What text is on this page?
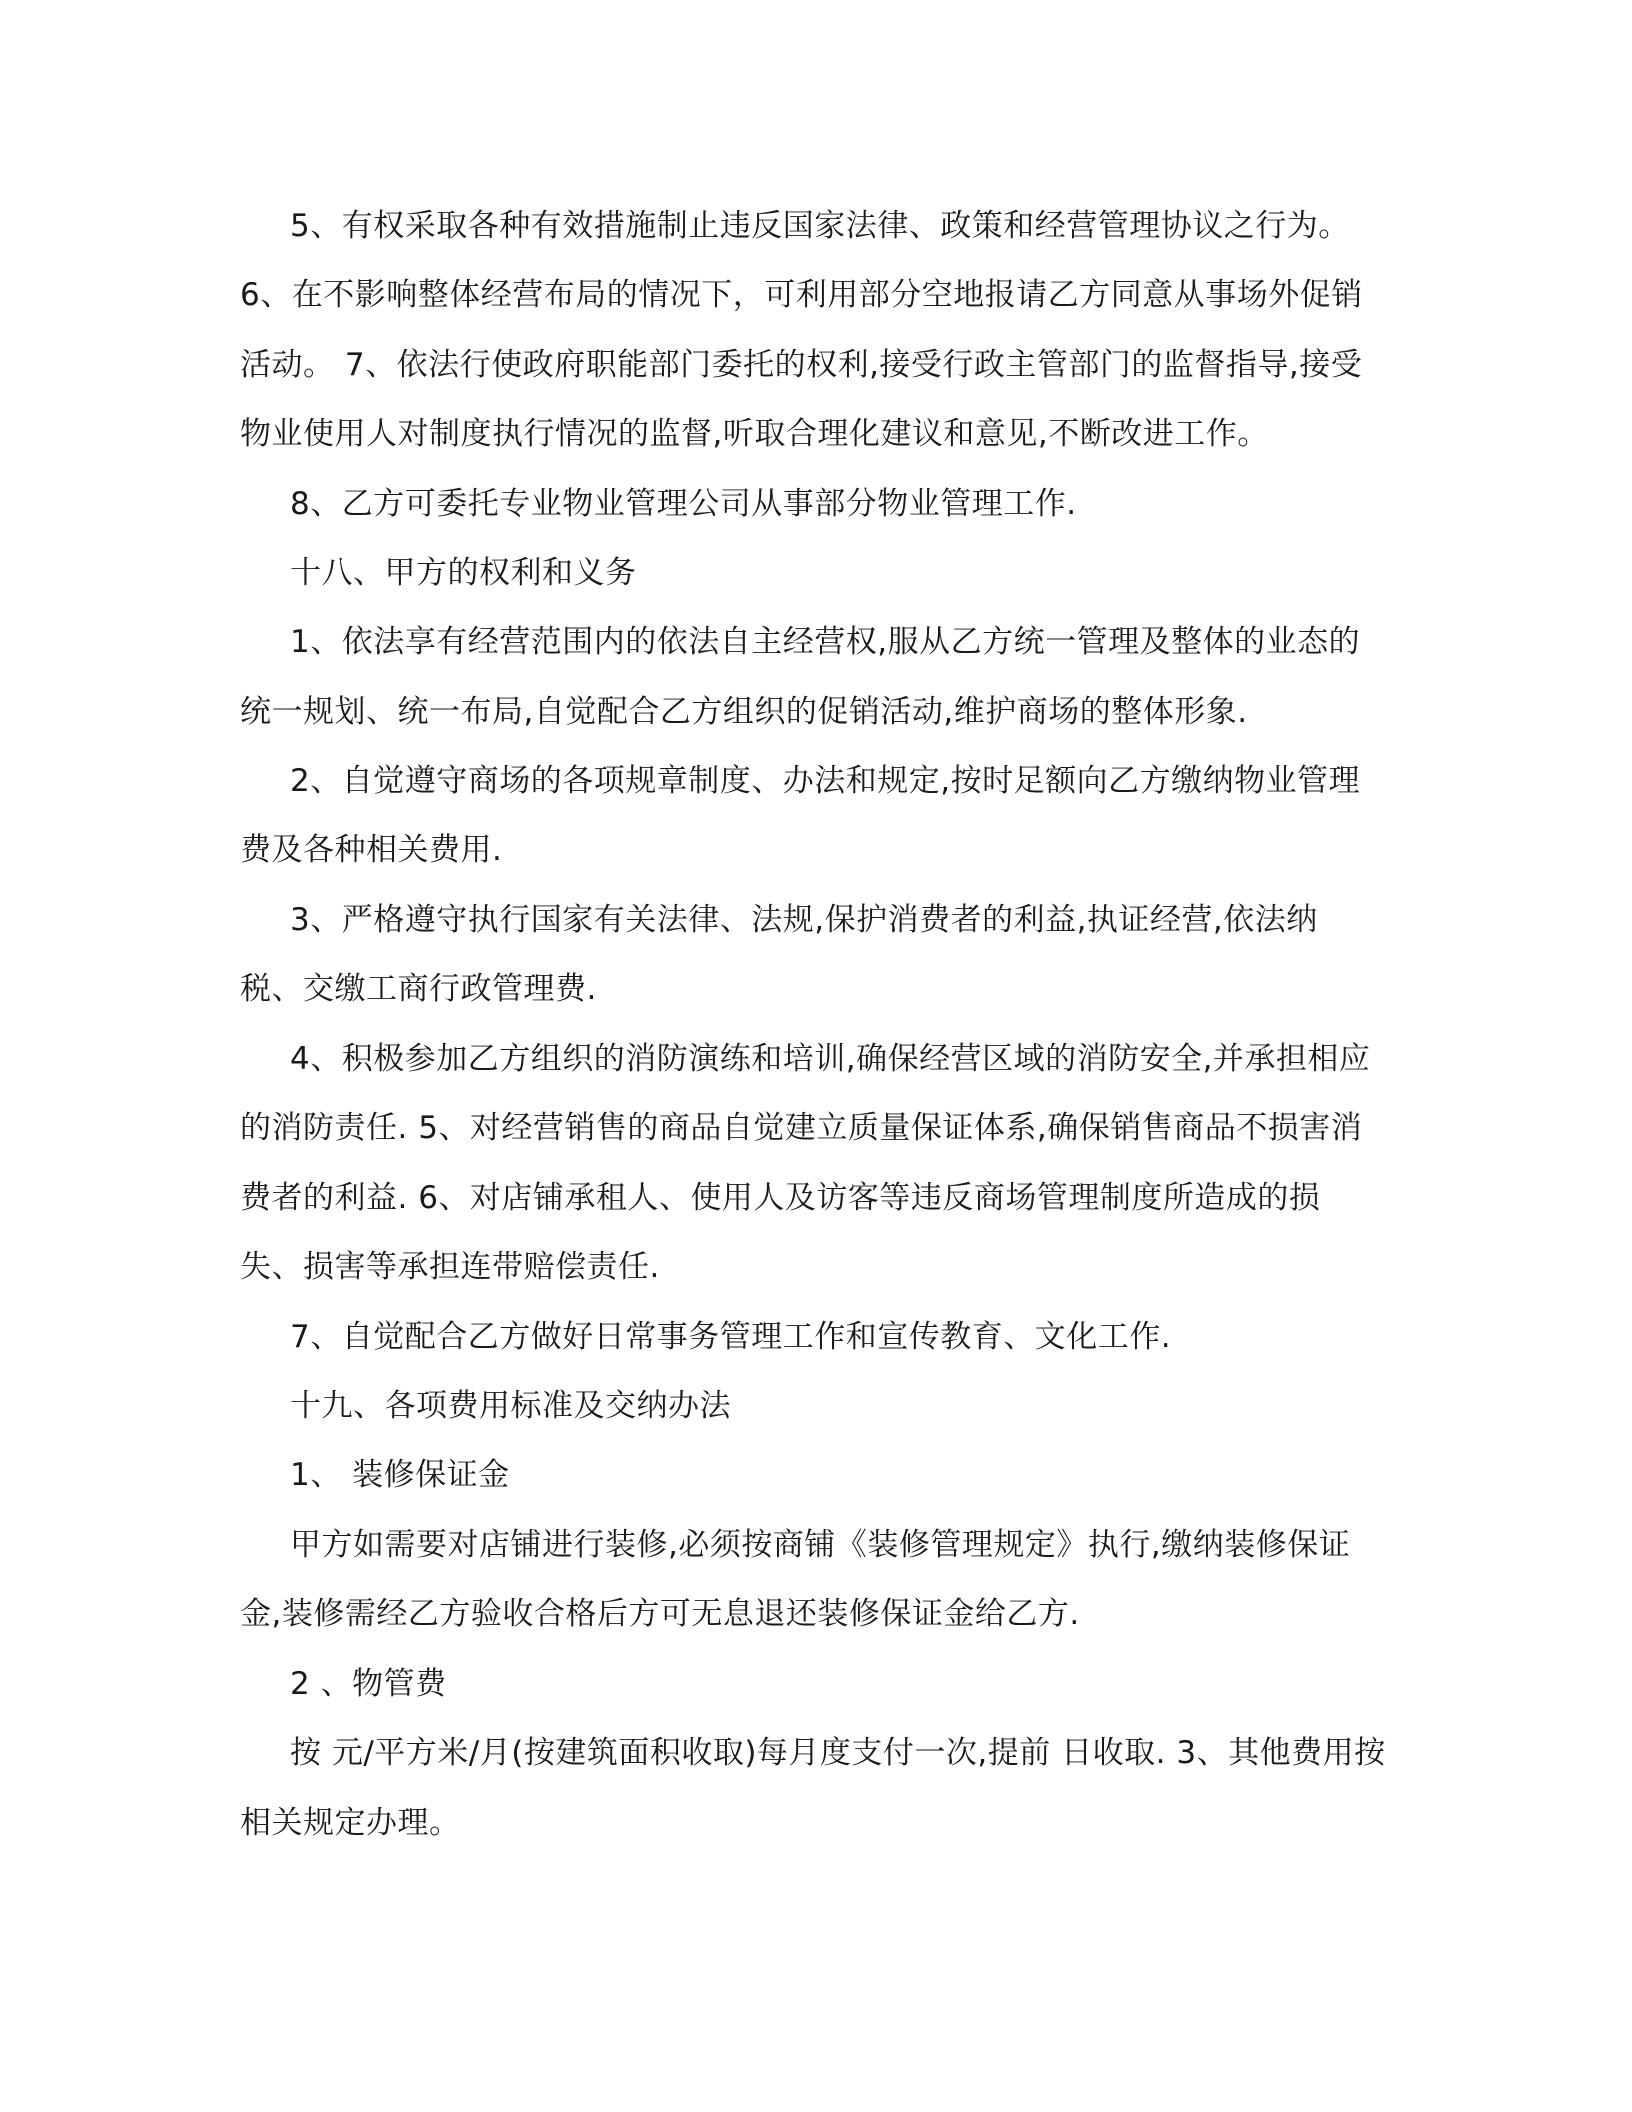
5、有权采取各种有效措施制止违反国家法律、政策和经营管理协议之行为。
6、在不影响整体经营布局的情况下，可利用部分空地报请乙方同意从事场外促销
活动。 7、依法行使政府职能部门委托的权利,接受行政主管部门的监督指导,接受
物业使用人对制度执行情况的监督,听取合理化建议和意见,不断改进工作。
8、乙方可委托专业物业管理公司从事部分物业管理工作.
十八、甲方的权利和义务
1、依法享有经营范围内的依法自主经营权,服从乙方统一管理及整体的业态的
统一规划、统一布局,自觉配合乙方组织的促销活动,维护商场的整体形象.
2、自觉遵守商场的各项规章制度、办法和规定,按时足额向乙方缴纳物业管理
费及各种相关费用.
3、严格遵守执行国家有关法律、法规,保护消费者的利益,执证经营,依法纳
税、交缴工商行政管理费.
4、积极参加乙方组织的消防演练和培训,确保经营区域的消防安全,并承担相应
的消防责任. 5、对经营销售的商品自觉建立质量保证体系,确保销售商品不损害消
费者的利益. 6、对店铺承租人、使用人及访客等违反商场管理制度所造成的损
失、损害等承担连带赔偿责任.
7、自觉配合乙方做好日常事务管理工作和宣传教育、文化工作.
十九、各项费用标准及交纳办法
1、 装修保证金
甲方如需要对店铺进行装修,必须按商铺《装修管理规定》执行,缴纳装修保证
金,装修需经乙方验收合格后方可无息退还装修保证金给乙方.
2 、物管费
按 元/平方米/月(按建筑面积收取)每月度支付一次,提前 日收取. 3、其他费用按
相关规定办理。
